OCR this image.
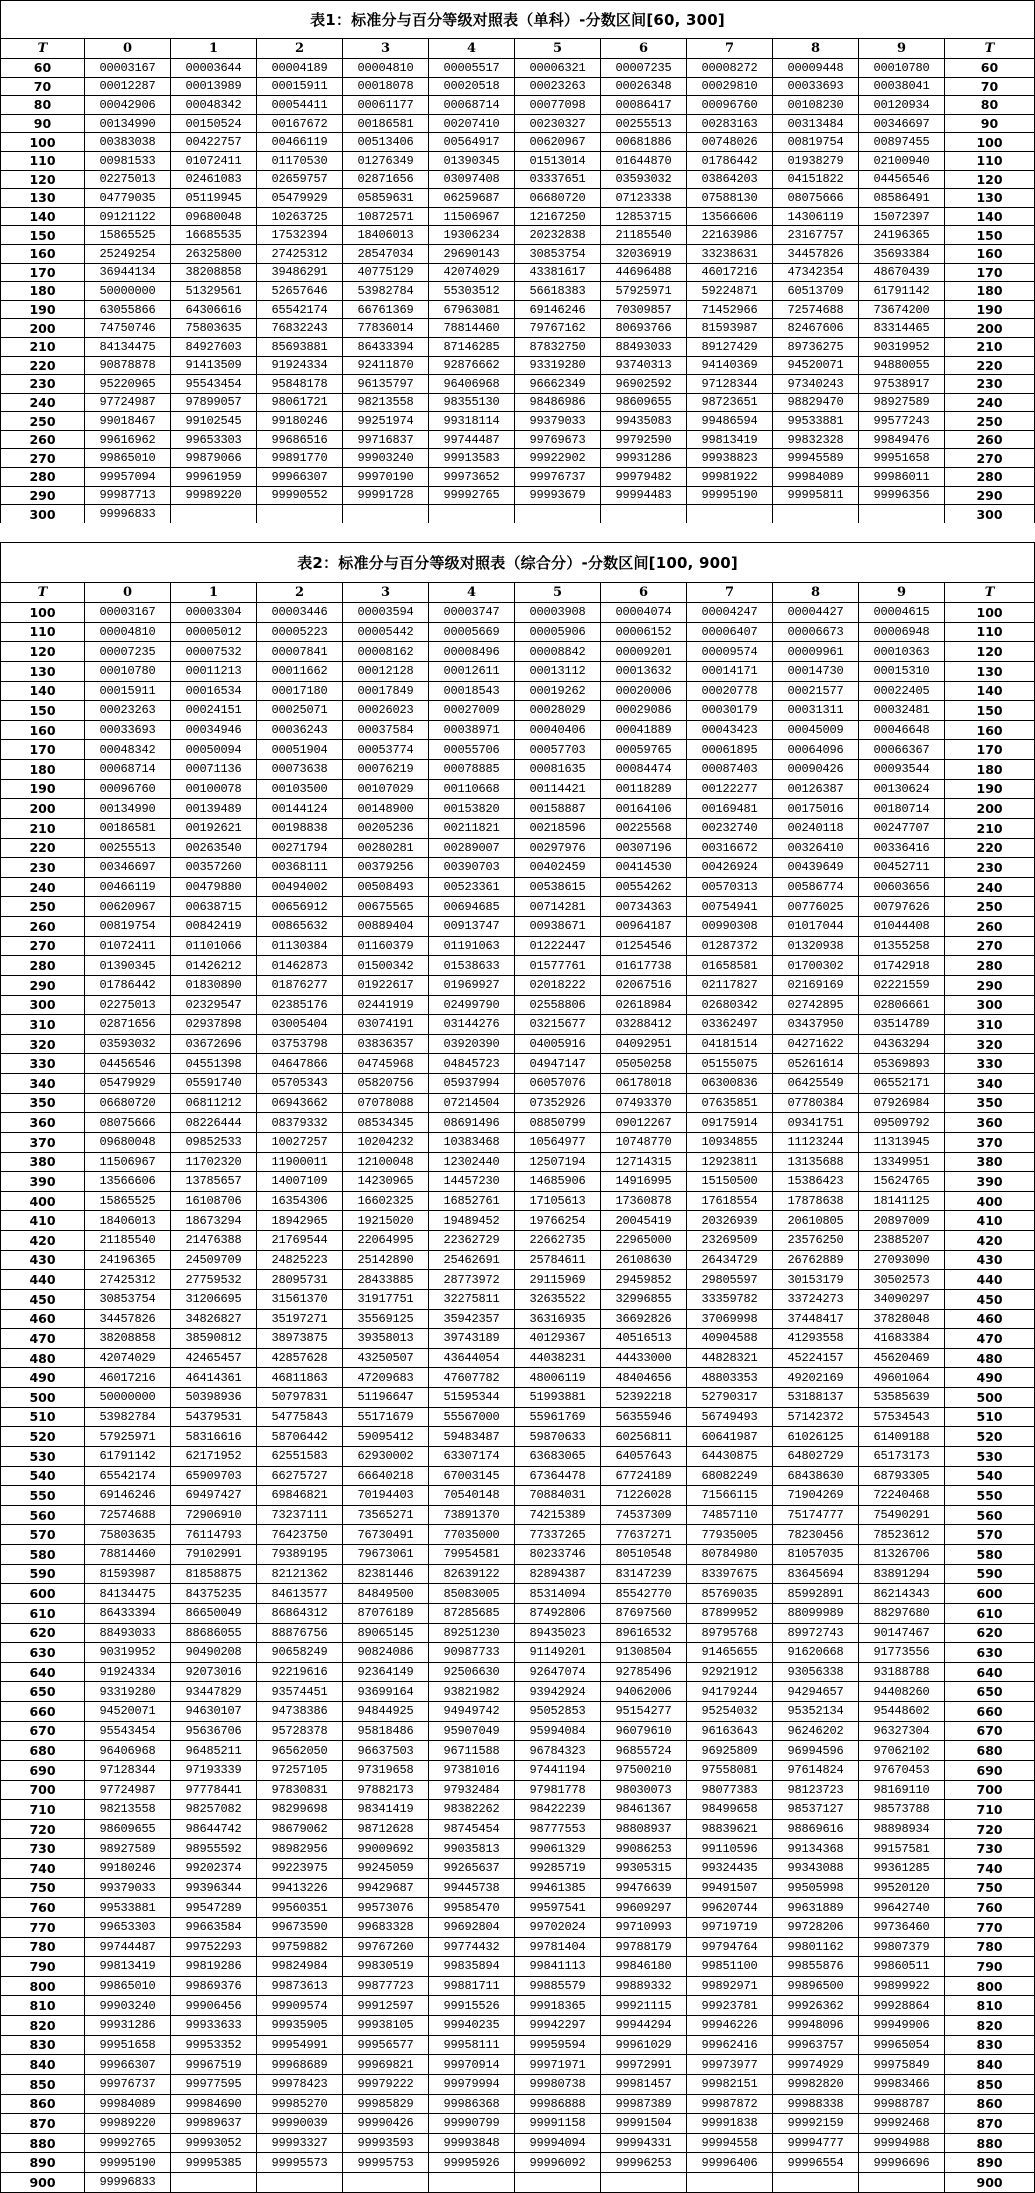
表1：标准分与百分等级对照表（单科）-分数区间[60, 300]											
T	0	1	2	3	4	5	6	7	8	9	T
60	00003167	00003644	00004189	00004810	00005517	00006321	00007235	00008272	00009448	00010780	60
70	00012287	00013989	00015911	00018078	00020518	00023263	00026348	00029810	00033693	00038041	70
80	00042906	00048342	00054411	00061177	00068714	00077098	00086417	00096760	00108230	00120934	80
90	00134990	00150524	00167672	00186581	00207410	00230327	00255513	00283163	00313484	00346697	90
100	00383038	00422757	00466119	00513406	00564917	00620967	00681886	00748026	00819754	00897455	100
110	00981533	01072411	01170530	01276349	01390345	01513014	01644870	01786442	01938279	02100940	110
120	02275013	02461083	02659757	02871656	03097408	03337651	03593032	03864203	04151822	04456546	120
130	04779035	05119945	05479929	05859631	06259687	06680720	07123338	07588130	08075666	08586491	130
140	09121122	09680048	10263725	10872571	11506967	12167250	12853715	13566606	14306119	15072397	140
150	15865525	16685535	17532394	18406013	19306234	20232838	21185540	22163986	23167757	24196365	150
160	25249254	26325800	27425312	28547034	29690143	30853754	32036919	33238631	34457826	35693384	160
170	36944134	38208858	39486291	40775129	42074029	43381617	44696488	46017216	47342354	48670439	170
180	50000000	51329561	52657646	53982784	55303512	56618383	57925971	59224871	60513709	61791142	180
190	63055866	64306616	65542174	66761369	67963081	69146246	70309857	71452966	72574688	73674200	190
200	74750746	75803635	76832243	77836014	78814460	79767162	80693766	81593987	82467606	83314465	200
210	84134475	84927603	85693881	86433394	87146285	87832750	88493033	89127429	89736275	90319952	210
220	90878878	91413509	91924334	92411870	92876662	93319280	93740313	94140369	94520071	94880055	220
230	95220965	95543454	95848178	96135797	96406968	96662349	96902592	97128344	97340243	97538917	230
240	97724987	97899057	98061721	98213558	98355130	98486986	98609655	98723651	98829470	98927589	240
250	99018467	99102545	99180246	99251974	99318114	99379033	99435083	99486594	99533881	99577243	250
260	99616962	99653303	99686516	99716837	99744487	99769673	99792590	99813419	99832328	99849476	260
270	99865010	99879066	99891770	99903240	99913583	99922902	99931286	99938823	99945589	99951658	270
280	99957094	99961959	99966307	99970190	99973652	99976737	99979482	99981922	99984089	99986011	280
290	99987713	99989220	99990552	99991728	99992765	99993679	99994483	99995190	99995811	99996356	290
300	99996833										300
表2：标准分与百分等级对照表（综合分）-分数区间[100, 900]											
T	0	1	2	3	4	5	6	7	8	9	T
100	00003167	00003304	00003446	00003594	00003747	00003908	00004074	00004247	00004427	00004615	100
110	00004810	00005012	00005223	00005442	00005669	00005906	00006152	00006407	00006673	00006948	110
120	00007235	00007532	00007841	00008162	00008496	00008842	00009201	00009574	00009961	00010363	120
130	00010780	00011213	00011662	00012128	00012611	00013112	00013632	00014171	00014730	00015310	130
140	00015911	00016534	00017180	00017849	00018543	00019262	00020006	00020778	00021577	00022405	140
150	00023263	00024151	00025071	00026023	00027009	00028029	00029086	00030179	00031311	00032481	150
160	00033693	00034946	00036243	00037584	00038971	00040406	00041889	00043423	00045009	00046648	160
170	00048342	00050094	00051904	00053774	00055706	00057703	00059765	00061895	00064096	00066367	170
180	00068714	00071136	00073638	00076219	00078885	00081635	00084474	00087403	00090426	00093544	180
190	00096760	00100078	00103500	00107029	00110668	00114421	00118289	00122277	00126387	00130624	190
200	00134990	00139489	00144124	00148900	00153820	00158887	00164106	00169481	00175016	00180714	200
210	00186581	00192621	00198838	00205236	00211821	00218596	00225568	00232740	00240118	00247707	210
220	00255513	00263540	00271794	00280281	00289007	00297976	00307196	00316672	00326410	00336416	220
230	00346697	00357260	00368111	00379256	00390703	00402459	00414530	00426924	00439649	00452711	230
240	00466119	00479880	00494002	00508493	00523361	00538615	00554262	00570313	00586774	00603656	240
250	00620967	00638715	00656912	00675565	00694685	00714281	00734363	00754941	00776025	00797626	250
260	00819754	00842419	00865632	00889404	00913747	00938671	00964187	00990308	01017044	01044408	260
270	01072411	01101066	01130384	01160379	01191063	01222447	01254546	01287372	01320938	01355258	270
280	01390345	01426212	01462873	01500342	01538633	01577761	01617738	01658581	01700302	01742918	280
290	01786442	01830890	01876277	01922617	01969927	02018222	02067516	02117827	02169169	02221559	290
300	02275013	02329547	02385176	02441919	02499790	02558806	02618984	02680342	02742895	02806661	300
310	02871656	02937898	03005404	03074191	03144276	03215677	03288412	03362497	03437950	03514789	310
320	03593032	03672696	03753798	03836357	03920390	04005916	04092951	04181514	04271622	04363294	320
330	04456546	04551398	04647866	04745968	04845723	04947147	05050258	05155075	05261614	05369893	330
340	05479929	05591740	05705343	05820756	05937994	06057076	06178018	06300836	06425549	06552171	340
350	06680720	06811212	06943662	07078088	07214504	07352926	07493370	07635851	07780384	07926984	350
360	08075666	08226444	08379332	08534345	08691496	08850799	09012267	09175914	09341751	09509792	360
370	09680048	09852533	10027257	10204232	10383468	10564977	10748770	10934855	11123244	11313945	370
380	11506967	11702320	11900011	12100048	12302440	12507194	12714315	12923811	13135688	13349951	380
390	13566606	13785657	14007109	14230965	14457230	14685906	14916995	15150500	15386423	15624765	390
400	15865525	16108706	16354306	16602325	16852761	17105613	17360878	17618554	17878638	18141125	400
410	18406013	18673294	18942965	19215020	19489452	19766254	20045419	20326939	20610805	20897009	410
420	21185540	21476388	21769544	22064995	22362729	22662735	22965000	23269509	23576250	23885207	420
430	24196365	24509709	24825223	25142890	25462691	25784611	26108630	26434729	26762889	27093090	430
440	27425312	27759532	28095731	28433885	28773972	29115969	29459852	29805597	30153179	30502573	440
450	30853754	31206695	31561370	31917751	32275811	32635522	32996855	33359782	33724273	34090297	450
460	34457826	34826827	35197271	35569125	35942357	36316935	36692826	37069998	37448417	37828048	460
470	38208858	38590812	38973875	39358013	39743189	40129367	40516513	40904588	41293558	41683384	470
480	42074029	42465457	42857628	43250507	43644054	44038231	44433000	44828321	45224157	45620469	480
490	46017216	46414361	46811863	47209683	47607782	48006119	48404656	48803353	49202169	49601064	490
500	50000000	50398936	50797831	51196647	51595344	51993881	52392218	52790317	53188137	53585639	500
510	53982784	54379531	54775843	55171679	55567000	55961769	56355946	56749493	57142372	57534543	510
520	57925971	58316616	58706442	59095412	59483487	59870633	60256811	60641987	61026125	61409188	520
530	61791142	62171952	62551583	62930002	63307174	63683065	64057643	64430875	64802729	65173173	530
540	65542174	65909703	66275727	66640218	67003145	67364478	67724189	68082249	68438630	68793305	540
550	69146246	69497427	69846821	70194403	70540148	70884031	71226028	71566115	71904269	72240468	550
560	72574688	72906910	73237111	73565271	73891370	74215389	74537309	74857110	75174777	75490291	560
570	75803635	76114793	76423750	76730491	77035000	77337265	77637271	77935005	78230456	78523612	570
580	78814460	79102991	79389195	79673061	79954581	80233746	80510548	80784980	81057035	81326706	580
590	81593987	81858875	82121362	82381446	82639122	82894387	83147239	83397675	83645694	83891294	590
600	84134475	84375235	84613577	84849500	85083005	85314094	85542770	85769035	85992891	86214343	600
610	86433394	86650049	86864312	87076189	87285685	87492806	87697560	87899952	88099989	88297680	610
620	88493033	88686055	88876756	89065145	89251230	89435023	89616532	89795768	89972743	90147467	620
630	90319952	90490208	90658249	90824086	90987733	91149201	91308504	91465655	91620668	91773556	630
640	91924334	92073016	92219616	92364149	92506630	92647074	92785496	92921912	93056338	93188788	640
650	93319280	93447829	93574451	93699164	93821982	93942924	94062006	94179244	94294657	94408260	650
660	94520071	94630107	94738386	94844925	94949742	95052853	95154277	95254032	95352134	95448602	660
670	95543454	95636706	95728378	95818486	95907049	95994084	96079610	96163643	96246202	96327304	670
680	96406968	96485211	96562050	96637503	96711588	96784323	96855724	96925809	96994596	97062102	680
690	97128344	97193339	97257105	97319658	97381016	97441194	97500210	97558081	97614824	97670453	690
700	97724987	97778441	97830831	97882173	97932484	97981778	98030073	98077383	98123723	98169110	700
710	98213558	98257082	98299698	98341419	98382262	98422239	98461367	98499658	98537127	98573788	710
720	98609655	98644742	98679062	98712628	98745454	98777553	98808937	98839621	98869616	98898934	720
730	98927589	98955592	98982956	99009692	99035813	99061329	99086253	99110596	99134368	99157581	730
740	99180246	99202374	99223975	99245059	99265637	99285719	99305315	99324435	99343088	99361285	740
750	99379033	99396344	99413226	99429687	99445738	99461385	99476639	99491507	99505998	99520120	750
760	99533881	99547289	99560351	99573076	99585470	99597541	99609297	99620744	99631889	99642740	760
770	99653303	99663584	99673590	99683328	99692804	99702024	99710993	99719719	99728206	99736460	770
780	99744487	99752293	99759882	99767260	99774432	99781404	99788179	99794764	99801162	99807379	780
790	99813419	99819286	99824984	99830519	99835894	99841113	99846180	99851100	99855876	99860511	790
800	99865010	99869376	99873613	99877723	99881711	99885579	99889332	99892971	99896500	99899922	800
810	99903240	99906456	99909574	99912597	99915526	99918365	99921115	99923781	99926362	99928864	810
820	99931286	99933633	99935905	99938105	99940235	99942297	99944294	99946226	99948096	99949906	820
830	99951658	99953352	99954991	99956577	99958111	99959594	99961029	99962416	99963757	99965054	830
840	99966307	99967519	99968689	99969821	99970914	99971971	99972991	99973977	99974929	99975849	840
850	99976737	99977595	99978423	99979222	99979994	99980738	99981457	99982151	99982820	99983466	850
860	99984089	99984690	99985270	99985829	99986368	99986888	99987389	99987872	99988338	99988787	860
870	99989220	99989637	99990039	99990426	99990799	99991158	99991504	99991838	99992159	99992468	870
880	99992765	99993052	99993327	99993593	99993848	99994094	99994331	99994558	99994777	99994988	880
890	99995190	99995385	99995573	99995753	99995926	99996092	99996253	99996406	99996554	99996696	890
900	99996833										900
